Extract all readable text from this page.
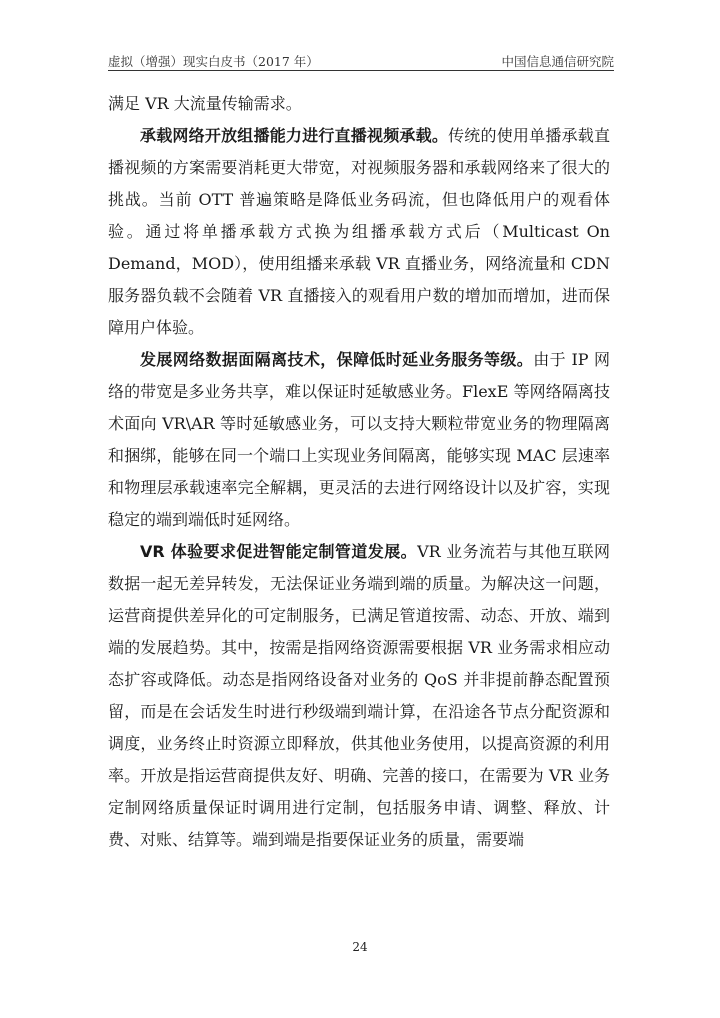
虚拟（增强）现实白皮书（2017 年）	中国信息通信研究院

满足 VR 大流量传输需求。

承载网络开放组播能力进行直播视频承载。传统的使用单播承载直播视频的方案需要消耗更大带宽，对视频服务器和承载网络来了很大的挑战。当前 OTT 普遍策略是降低业务码流，但也降低用户的观看体验。通过将单播承载方式换为组播承载方式后（Multicast On Demand，MOD），使用组播来承载 VR 直播业务，网络流量和 CDN 服务器负载不会随着 VR 直播接入的观看用户数的增加而增加，进而保障用户体验。

发展网络数据面隔离技术，保障低时延业务服务等级。由于 IP 网络的带宽是多业务共享，难以保证时延敏感业务。FlexE 等网络隔离技术面向 VR\AR 等时延敏感业务，可以支持大颗粒带宽业务的物理隔离和捆绑，能够在同一个端口上实现业务间隔离，能够实现 MAC 层速率和物理层承载速率完全解耦，更灵活的去进行网络设计以及扩容，实现稳定的端到端低时延网络。

VR 体验要求促进智能定制管道发展。VR 业务流若与其他互联网数据一起无差异转发，无法保证业务端到端的质量。为解决这一问题，运营商提供差异化的可定制服务，已满足管道按需、动态、开放、端到端的发展趋势。其中，按需是指网络资源需要根据 VR 业务需求相应动态扩容或降低。动态是指网络设备对业务的 QoS 并非提前静态配置预留，而是在会话发生时进行秒级端到端计算，在沿途各节点分配资源和调度，业务终止时资源立即释放，供其他业务使用，以提高资源的利用率。开放是指运营商提供友好、明确、完善的接口，在需要为 VR 业务定制网络质量保证时调用进行定制，包括服务申请、调整、释放、计费、对账、结算等。端到端是指要保证业务的质量，需要端

24
